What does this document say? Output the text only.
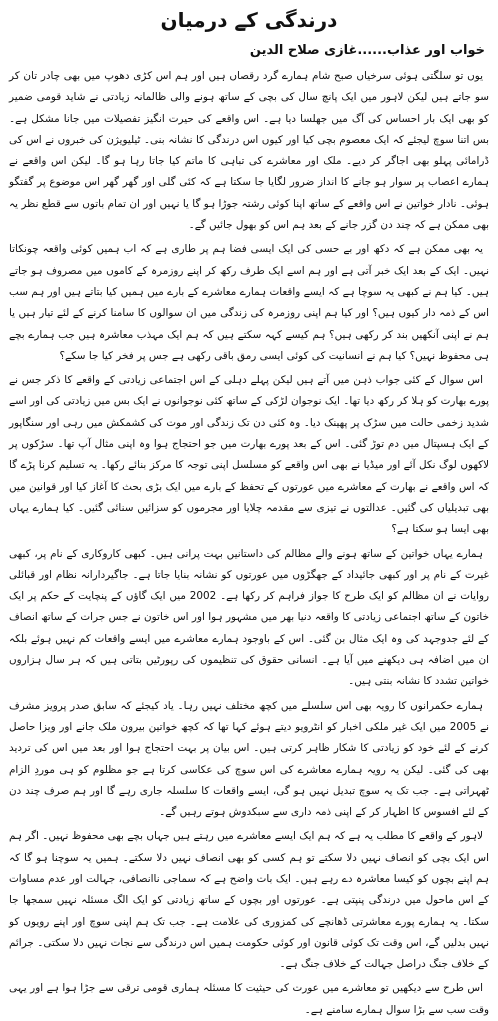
درندگی کے درمیان
خواب اور عذاب......غازی صلاح الدین

یوں تو سلگتی ہوئی سرخیاں صبح شام ہمارے گرد رقصاں ہیں اور ہم اس کڑی دھوپ میں بھی چادر تان کر سو جاتے ہیں لیکن لاہور میں ایک پانچ سال کی بچی کے ساتھ ہونے والی ظالمانہ زیادتی نے شاید قومی ضمیر کو بھی ایک بار احساس کی آگ میں جھلسا دیا ہے۔ اس واقعے کی حیرت انگیز تفصیلات میں جانا مشکل ہے۔ بس اتنا سوچ لیجئے کہ ایک معصوم بچی کیا اور کیوں اس درندگی کا نشانہ بنی۔ ٹیلیویژن کی خبروں نے اس کی ڈرامائی پہلو بھی اجاگر کر دیے۔ ملک اور معاشرے کی تباہی کا ماتم کیا جاتا رہا ہو گا۔ لیکن اس واقعے نے ہمارے اعصاب پر سوار ہو جانے کا انداز ضرور لگایا جا سکتا ہے کہ کئی گلی اور گھر گھر اس موضوع پر گفتگو ہوئی۔ نادار خواتین نے اس واقعے کے ساتھ اپنا کوئی رشتہ جوڑا ہو گا یا نہیں اور ان تمام باتوں سے قطع نظر یہ بھی ممکن ہے کہ چند دن گزر جانے کے بعد ہم اس کو بھول جائیں گے۔

یہ بھی ممکن ہے کہ دکھ اور بے حسی کی ایک ایسی فضا ہم پر طاری ہے کہ اب ہمیں کوئی واقعہ چونکاتا نہیں۔ ایک کے بعد ایک خبر آتی ہے اور ہم اسے ایک طرف رکھ کر اپنے روزمرہ کے کاموں میں مصروف ہو جاتے ہیں۔ کیا ہم نے کبھی یہ سوچا ہے کہ ایسے واقعات ہمارے معاشرے کے بارے میں ہمیں کیا بتاتے ہیں اور ہم سب اس کے ذمہ دار کیوں ہیں؟ اور کیا ہم اپنی روزمرہ کی زندگی میں ان سوالوں کا سامنا کرنے کے لئے تیار ہیں یا ہم نے اپنی آنکھیں بند کر رکھی ہیں؟ ہم کیسے کہہ سکتے ہیں کہ ہم ایک مہذب معاشرہ ہیں جب ہمارے بچے ہی محفوظ نہیں؟ کیا ہم نے انسانیت کی کوئی ایسی رمق باقی رکھی ہے جس پر فخر کیا جا سکے؟

اس سوال کے کئی جواب ذہن میں آتے ہیں لیکن پہلے دہلی کے اس اجتماعی زیادتی کے واقعے کا ذکر جس نے پورے بھارت کو ہلا کر رکھ دیا تھا۔ ایک نوجوان لڑکی کے ساتھ کئی نوجوانوں نے ایک بس میں زیادتی کی اور اسے شدید زخمی حالت میں سڑک پر پھینک دیا۔ وہ کئی دن تک زندگی اور موت کی کشمکش میں رہی اور سنگاپور کے ایک ہسپتال میں دم توڑ گئی۔ اس کے بعد پورے بھارت میں جو احتجاج ہوا وہ اپنی مثال آپ تھا۔ سڑکوں پر لاکھوں لوگ نکل آئے اور میڈیا نے بھی اس واقعے کو مسلسل اپنی توجہ کا مرکز بنائے رکھا۔ یہ تسلیم کرنا پڑے گا کہ اس واقعے نے بھارت کے معاشرے میں عورتوں کے تحفظ کے بارے میں ایک بڑی بحث کا آغاز کیا اور قوانین میں بھی تبدیلیاں کی گئیں۔ عدالتوں نے تیزی سے مقدمہ چلایا اور مجرموں کو سزائیں سنائی گئیں۔ کیا ہمارے یہاں بھی ایسا ہو سکتا ہے؟

ہمارے یہاں خواتین کے ساتھ ہونے والے مظالم کی داستانیں بہت پرانی ہیں۔ کبھی کاروکاری کے نام پر، کبھی غیرت کے نام پر اور کبھی جائیداد کے جھگڑوں میں عورتوں کو نشانہ بنایا جاتا ہے۔ جاگیردارانہ نظام اور قبائلی روایات نے ان مظالم کو ایک طرح کا جواز فراہم کر رکھا ہے۔ 2002 میں ایک گاؤں کے پنچایت کے حکم پر ایک خاتون کے ساتھ اجتماعی زیادتی کا واقعہ دنیا بھر میں مشہور ہوا اور اس خاتون نے جس جرات کے ساتھ انصاف کے لئے جدوجہد کی وہ ایک مثال بن گئی۔ اس کے باوجود ہمارے معاشرے میں ایسے واقعات کم نہیں ہوئے بلکہ ان میں اضافہ ہی دیکھنے میں آیا ہے۔ انسانی حقوق کی تنظیموں کی رپورٹیں بتاتی ہیں کہ ہر سال ہزاروں خواتین تشدد کا نشانہ بنتی ہیں۔

ہمارے حکمرانوں کا رویہ بھی اس سلسلے میں کچھ مختلف نہیں رہا۔ یاد کیجئے کہ سابق صدر پرویز مشرف نے 2005 میں ایک غیر ملکی اخبار کو انٹرویو دیتے ہوئے کہا تھا کہ کچھ خواتین بیرون ملک جانے اور ویزا حاصل کرنے کے لئے خود کو زیادتی کا شکار ظاہر کرتی ہیں۔ اس بیان پر بہت احتجاج ہوا اور بعد میں اس کی تردید بھی کی گئی۔ لیکن یہ رویہ ہمارے معاشرے کی اس سوچ کی عکاسی کرتا ہے جو مظلوم کو ہی موردِ الزام ٹھہراتی ہے۔ جب تک یہ سوچ تبدیل نہیں ہو گی، ایسے واقعات کا سلسلہ جاری رہے گا اور ہم صرف چند دن کے لئے افسوس کا اظہار کر کے اپنی ذمہ داری سے سبکدوش ہوتے رہیں گے۔

لاہور کے واقعے کا مطلب یہ ہے کہ ہم ایک ایسے معاشرے میں رہتے ہیں جہاں بچے بھی محفوظ نہیں۔ اگر ہم اس ایک بچی کو انصاف نہیں دلا سکتے تو ہم کسی کو بھی انصاف نہیں دلا سکتے۔ ہمیں یہ سوچنا ہو گا کہ ہم اپنے بچوں کو کیسا معاشرہ دے رہے ہیں۔ ایک بات واضح ہے کہ سماجی ناانصافی، جہالت اور عدم مساوات کے اس ماحول میں درندگی پنپتی ہے۔ عورتوں اور بچوں کے ساتھ زیادتی کو ایک الگ مسئلہ نہیں سمجھا جا سکتا۔ یہ ہمارے پورے معاشرتی ڈھانچے کی کمزوری کی علامت ہے۔ جب تک ہم اپنی سوچ اور اپنے رویوں کو نہیں بدلیں گے، اس وقت تک کوئی قانون اور کوئی حکومت ہمیں اس درندگی سے نجات نہیں دلا سکتی۔ جرائم کے خلاف جنگ دراصل جہالت کے خلاف جنگ ہے۔

اس طرح سے دیکھیں تو معاشرے میں عورت کی حیثیت کا مسئلہ ہماری قومی ترقی سے جڑا ہوا ہے اور یہی وقت سب سے بڑا سوال ہمارے سامنے ہے۔
